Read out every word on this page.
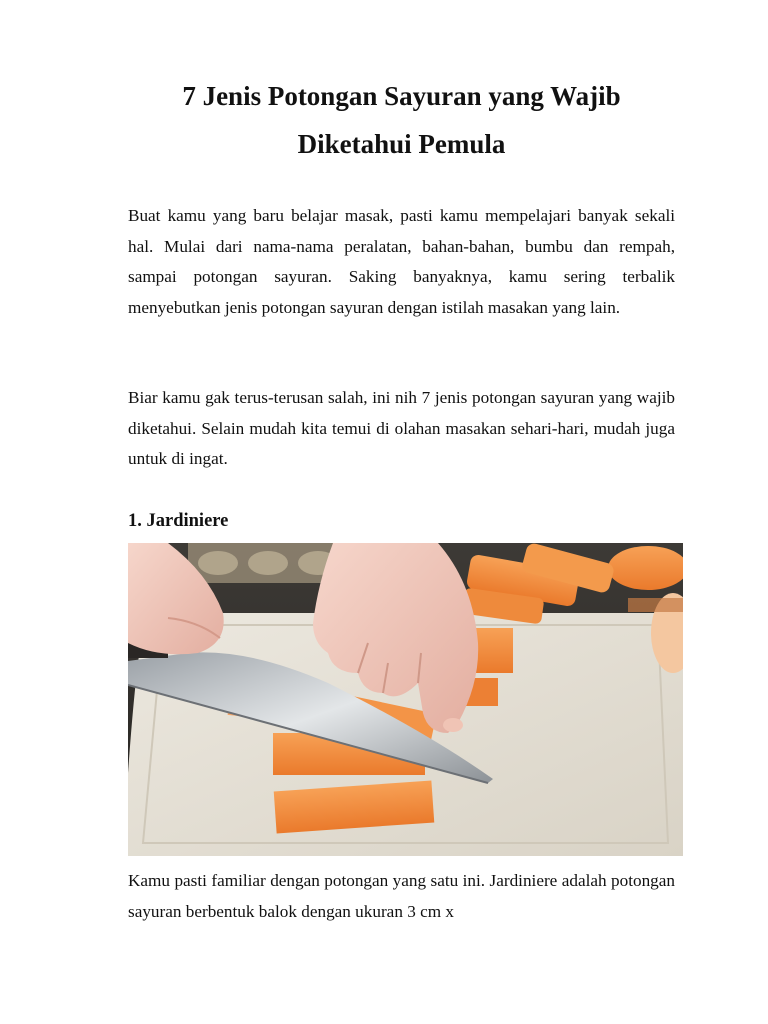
7 Jenis Potongan Sayuran yang Wajib Diketahui Pemula

Buat kamu yang baru belajar masak, pasti kamu mempelajari banyak sekali hal. Mulai dari nama-nama peralatan, bahan-bahan, bumbu dan rempah, sampai potongan sayuran. Saking banyaknya, kamu sering terbalik menyebutkan jenis potongan sayuran dengan istilah masakan yang lain.

Biar kamu gak terus-terusan salah, ini nih 7 jenis potongan sayuran yang wajib diketahui. Selain mudah kita temui di olahan masakan sehari-hari, mudah juga untuk di ingat.

1. Jardiniere

Kamu pasti familiar dengan potongan yang satu ini. Jardiniere adalah potongan sayuran berbentuk balok dengan ukuran 3 cm x
